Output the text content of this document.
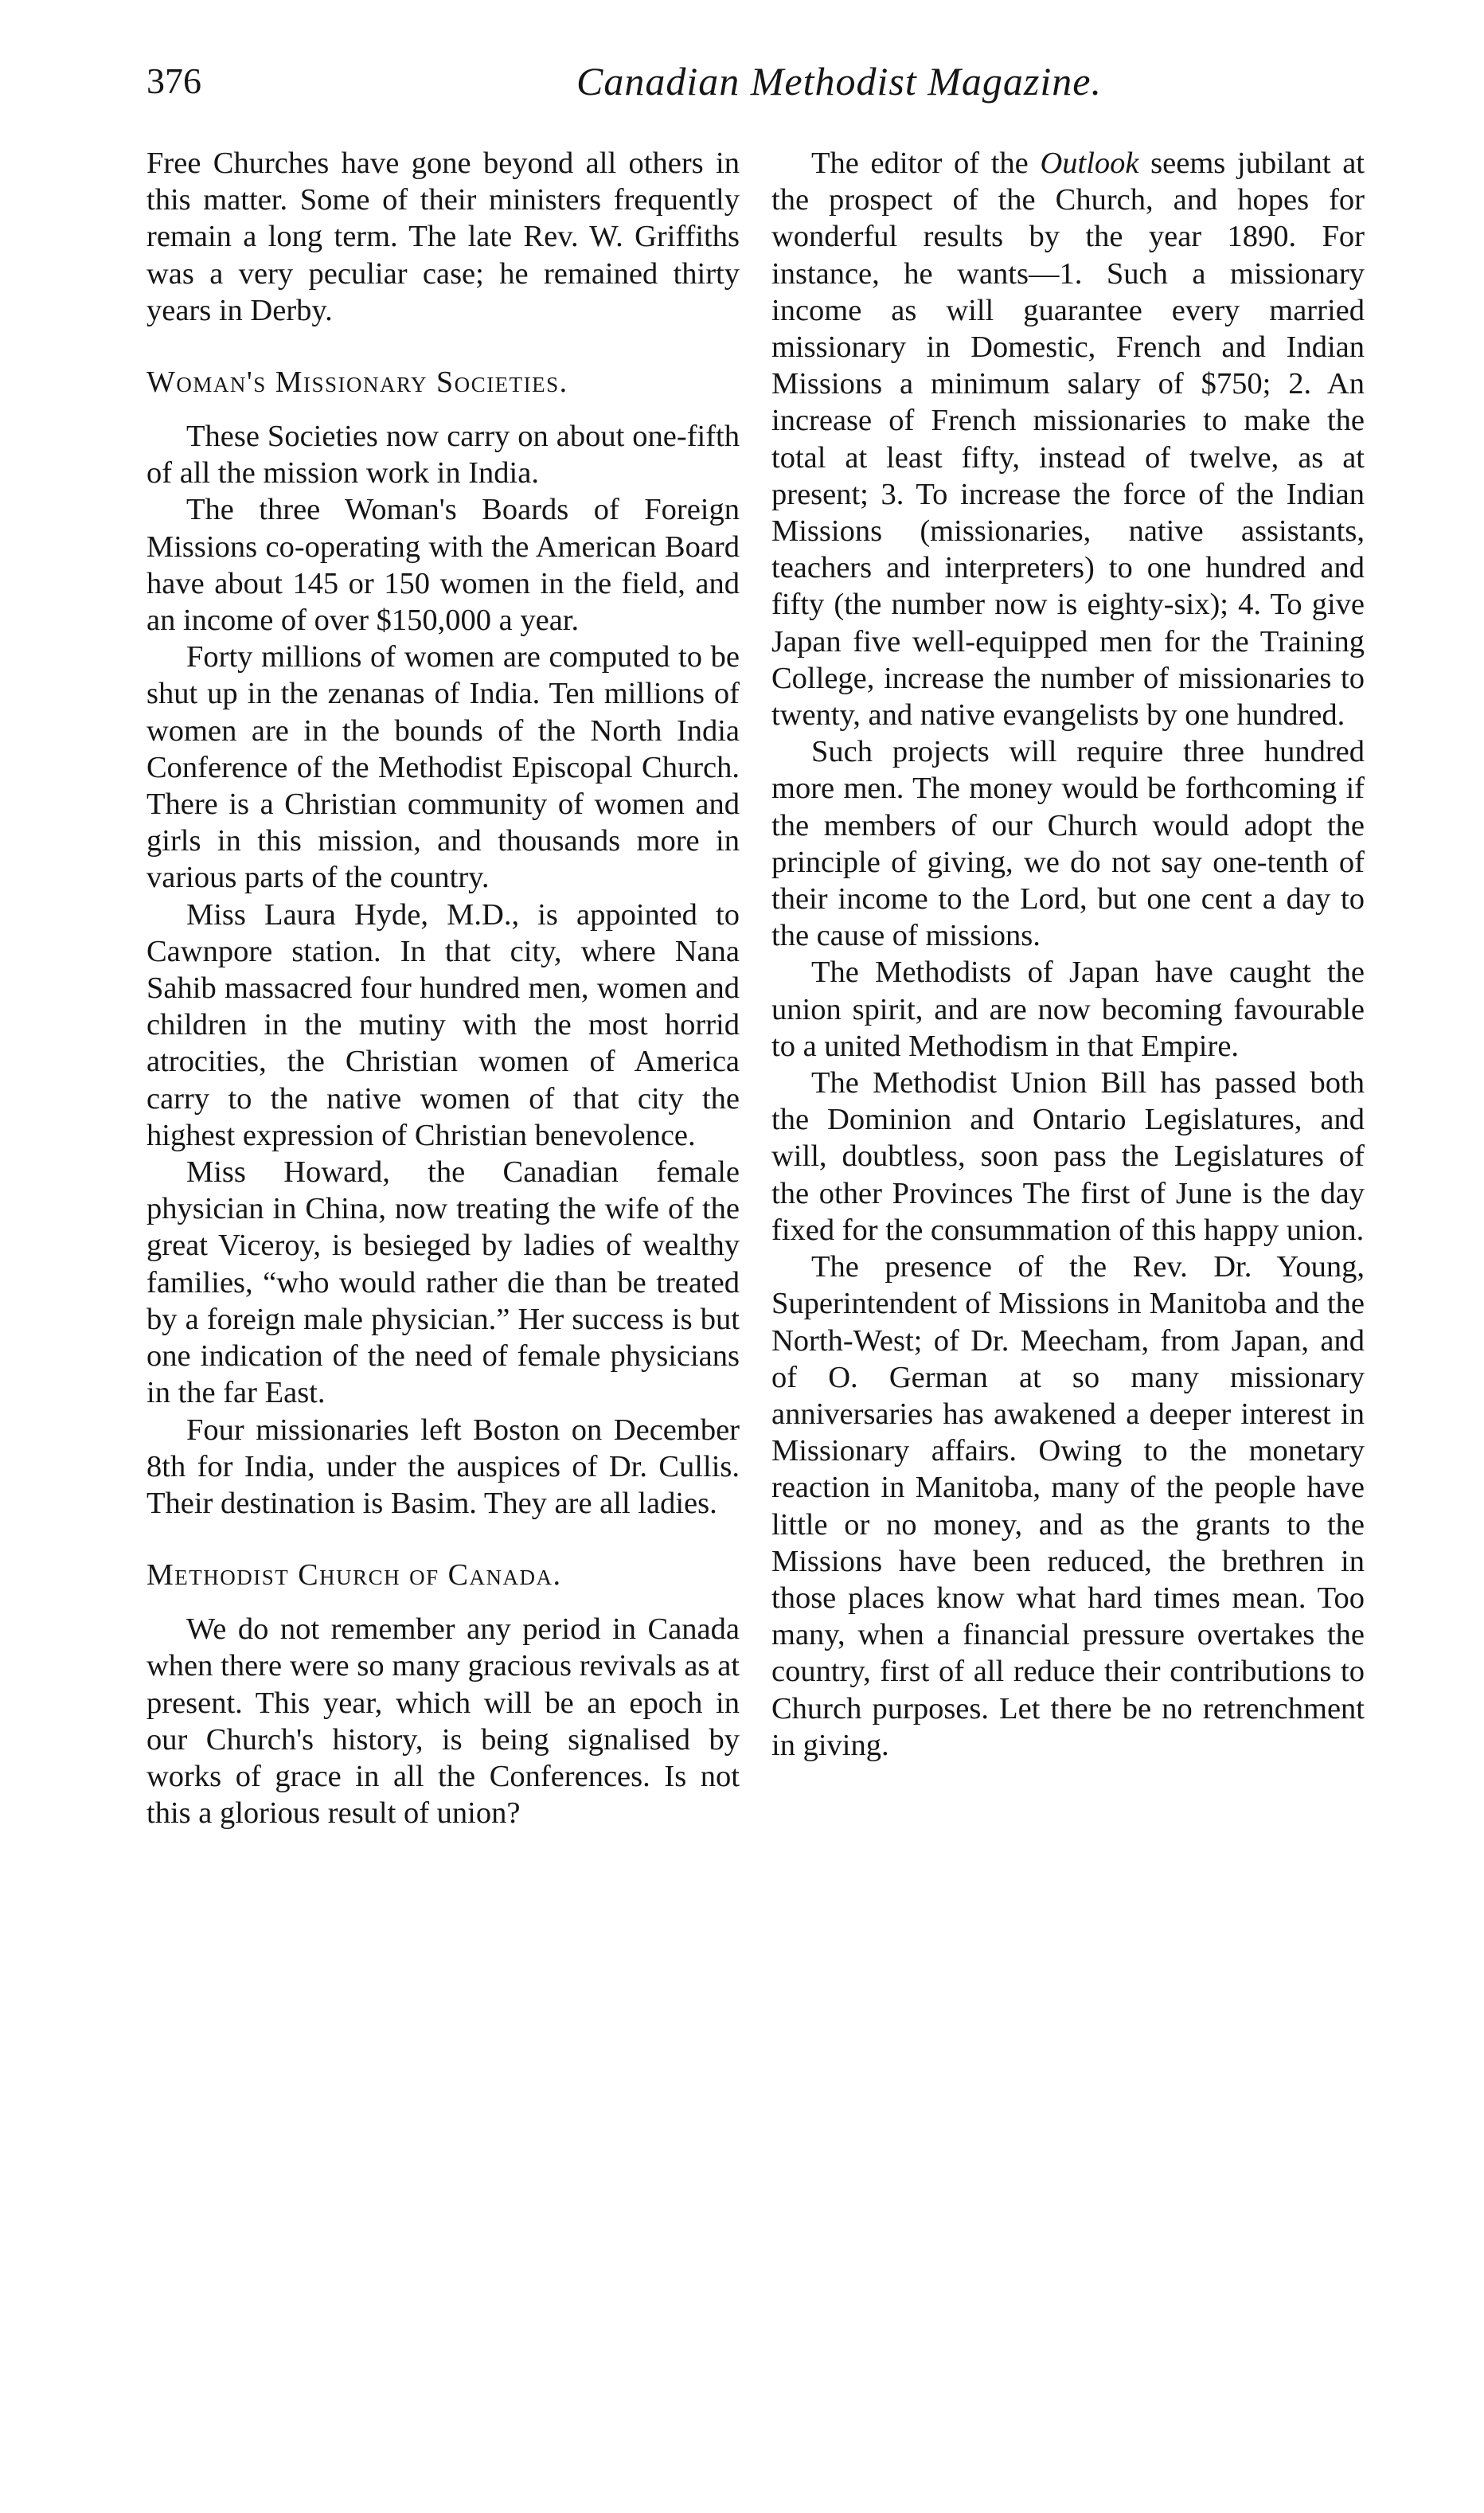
376	Canadian Methodist Magazine.

Free Churches have gone beyond all others in this matter. Some of their ministers frequently remain a long term. The late Rev. W. Griffiths was a very peculiar case; he remained thirty years in Derby.

Woman's Missionary Societies.

These Societies now carry on about one-fifth of all the mission work in India.

The three Woman's Boards of Foreign Missions co-operating with the American Board have about 145 or 150 women in the field, and an income of over $150,000 a year.

Forty millions of women are computed to be shut up in the zenanas of India. Ten millions of women are in the bounds of the North India Conference of the Methodist Episcopal Church. There is a Christian community of women and girls in this mission, and thousands more in various parts of the country.

Miss Laura Hyde, M.D., is appointed to Cawnpore station. In that city, where Nana Sahib massacred four hundred men, women and children in the mutiny with the most horrid atrocities, the Christian women of America carry to the native women of that city the highest expression of Christian benevolence.

Miss Howard, the Canadian female physician in China, now treating the wife of the great Viceroy, is besieged by ladies of wealthy families, “who would rather die than be treated by a foreign male physician.” Her success is but one indication of the need of female physicians in the far East.

Four missionaries left Boston on December 8th for India, under the auspices of Dr. Cullis. Their destination is Basim. They are all ladies.

Methodist Church of Canada.

We do not remember any period in Canada when there were so many gracious revivals as at present. This year, which will be an epoch in our Church's history, is being signalised by works of grace in all the Conferences. Is not this a glorious result of union?

The editor of the Outlook seems jubilant at the prospect of the Church, and hopes for wonderful results by the year 1890. For instance, he wants—1. Such a missionary income as will guarantee every married missionary in Domestic, French and Indian Missions a minimum salary of $750; 2. An increase of French missionaries to make the total at least fifty, instead of twelve, as at present; 3. To increase the force of the Indian Missions (missionaries, native assistants, teachers and interpreters) to one hundred and fifty (the number now is eighty-six); 4. To give Japan five well-equipped men for the Training College, increase the number of missionaries to twenty, and native evangelists by one hundred.

Such projects will require three hundred more men. The money would be forthcoming if the members of our Church would adopt the principle of giving, we do not say one-tenth of their income to the Lord, but one cent a day to the cause of missions.

The Methodists of Japan have caught the union spirit, and are now becoming favourable to a united Methodism in that Empire.

The Methodist Union Bill has passed both the Dominion and Ontario Legislatures, and will, doubtless, soon pass the Legislatures of the other Provinces The first of June is the day fixed for the consummation of this happy union.

The presence of the Rev. Dr. Young, Superintendent of Missions in Manitoba and the North-West; of Dr. Meecham, from Japan, and of O. German at so many missionary anniversaries has awakened a deeper interest in Missionary affairs. Owing to the monetary reaction in Manitoba, many of the people have little or no money, and as the grants to the Missions have been reduced, the brethren in those places know what hard times mean. Too many, when a financial pressure overtakes the country, first of all reduce their contributions to Church purposes. Let there be no retrenchment in giving.
